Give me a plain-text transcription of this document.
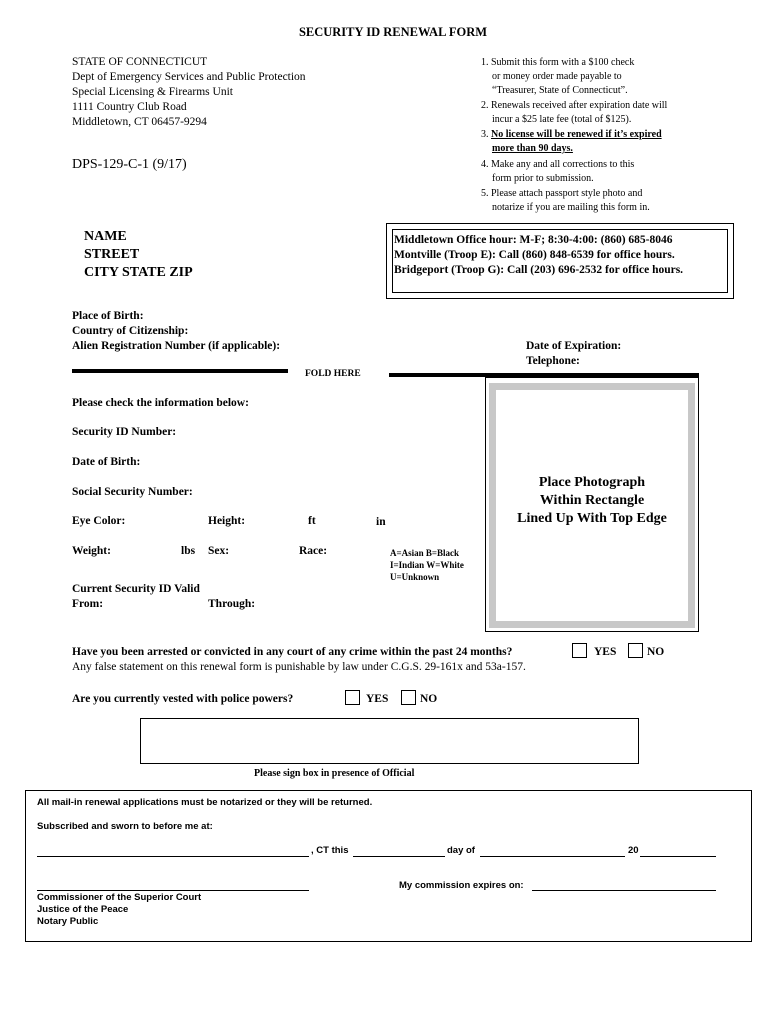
SECURITY ID RENEWAL FORM
STATE OF CONNECTICUT
Dept of Emergency Services and Public Protection
Special Licensing & Firearms Unit
1111 Country Club Road
Middletown, CT 06457-9294
DPS-129-C-1 (9/17)
1. Submit this form with a $100 check
or money order made payable to
“Treasurer, State of Connecticut”.
2. Renewals received after expiration date will
incur a $25 late fee (total of $125).
3. No license will be renewed if it’s expired
more than 90 days.
4. Make any and all corrections to this
form prior to submission.
5. Please attach passport style photo and
notarize if you are mailing this form in.
NAME
STREET
CITY STATE ZIP
Middletown Office hour: M-F; 8:30-4:00: (860) 685-8046
Montville (Troop E): Call (860) 848-6539 for office hours.
Bridgeport (Troop G): Call (203) 696-2532 for office hours.
Place of Birth:
Country of Citizenship:
Alien Registration Number (if applicable):	Date of Expiration:
Telephone:
FOLD HERE
Place Photograph
Within Rectangle
Lined Up With Top Edge
Please check the information below:
Security ID Number:
Date of Birth:
Social Security Number:
Eye Color:	Height:	ft	in
Weight:	lbs Sex:	Race:	A=Asian B=Black
I=Indian W=White
U=Unknown
Current Security ID Valid
From:	Through:
Have you been arrested or convicted in any court of any crime within the past 24 months?	YES	NO
Any false statement on this renewal form is punishable by law under C.G.S. 29-161x and 53a-157.
Are you currently vested with police powers?	YES	NO
Please sign box in presence of Official
All mail-in renewal applications must be notarized or they will be returned.
Subscribed and sworn to before me at:
, CT this	day of	20
My commission expires on:
Commissioner of the Superior Court
Justice of the Peace
Notary Public
